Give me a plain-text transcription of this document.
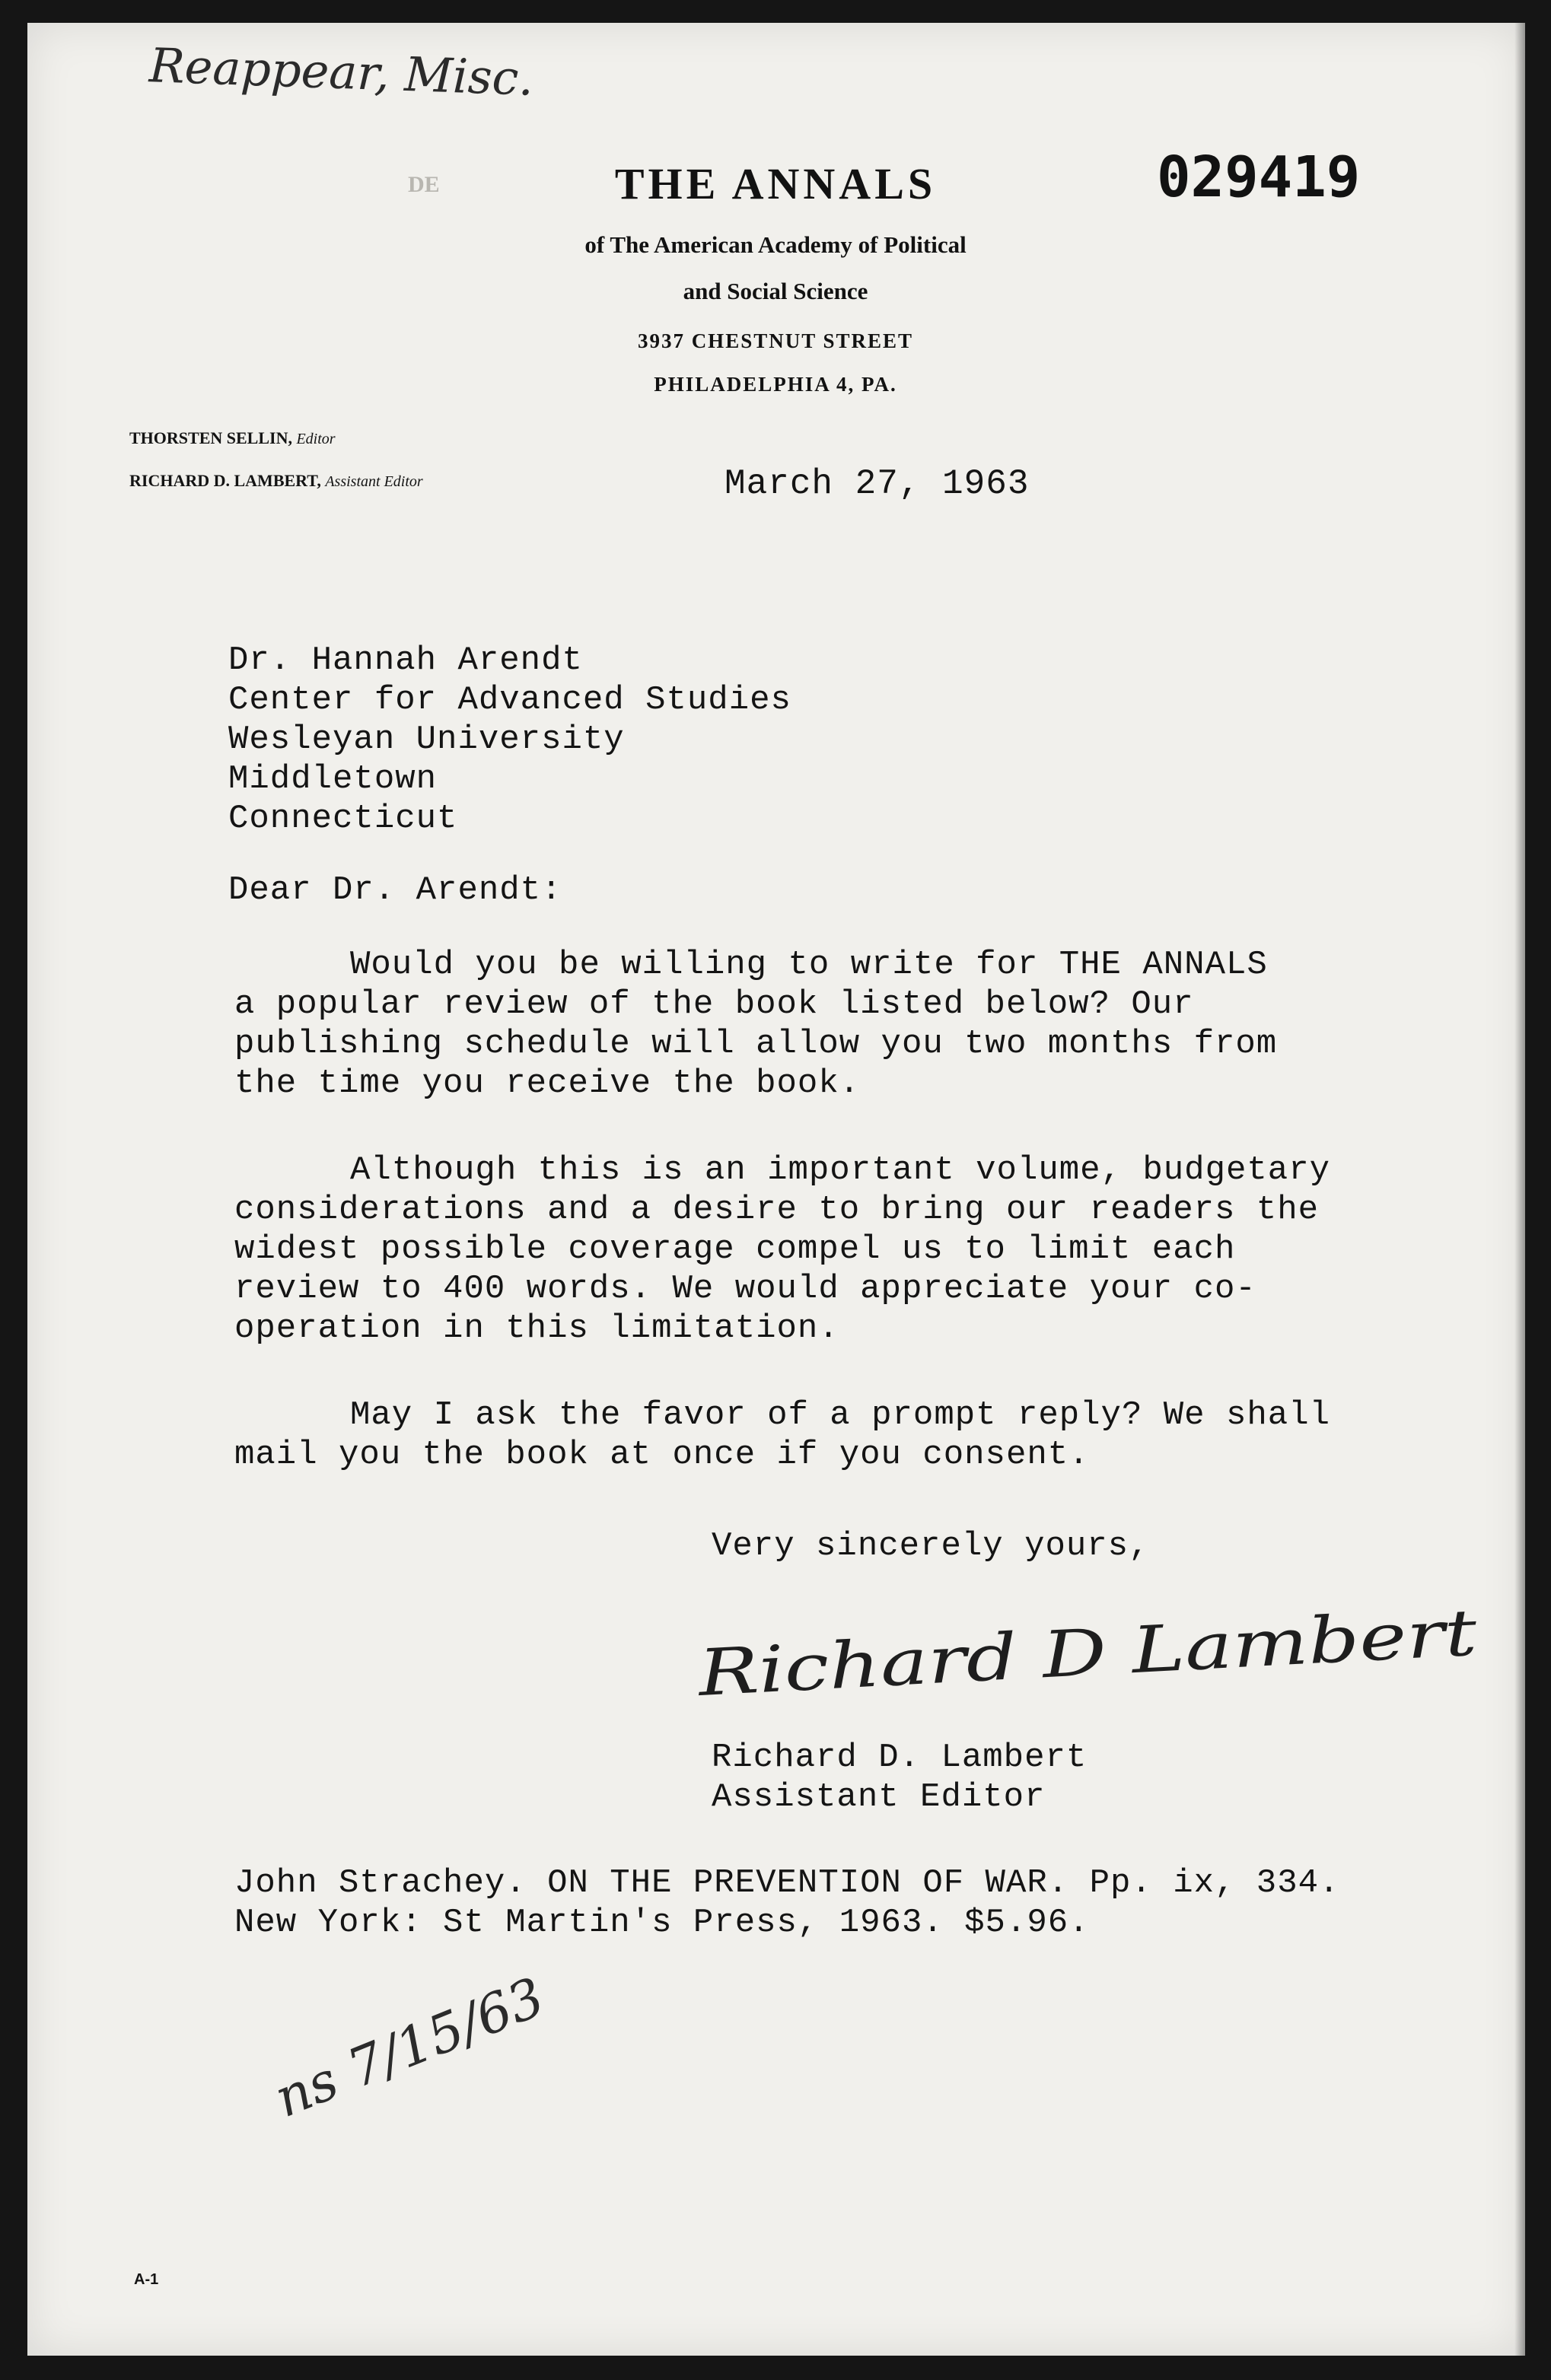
Reappear, Misc.
DE	THE ANNALS
of The American Academy of Political
and Social Science
3937 CHESTNUT STREET
PHILADELPHIA 4, PA.
029419
THORSTEN SELLIN, Editor
RICHARD D. LAMBERT, Assistant Editor	March 27, 1963
Dr. Hannah Arendt
Center for Advanced Studies
Wesleyan University
Middletown
Connecticut
Dear Dr. Arendt:
Would you be willing to write for THE ANNALS
a popular review of the book listed below? Our
publishing schedule will allow you two months from
the time you receive the book.
Although this is an important volume, budgetary
considerations and a desire to bring our readers the
widest possible coverage compel us to limit each
review to 400 words. We would appreciate your co-
operation in this limitation.
May I ask the favor of a prompt reply? We shall
mail you the book at once if you consent.
Very sincerely yours,
Richard D Lambert
Richard D. Lambert
Assistant Editor
John Strachey. ON THE PREVENTION OF WAR. Pp. ix, 334.
New York: St Martin's Press, 1963. $5.96.
ns 7/15/63
A-1
